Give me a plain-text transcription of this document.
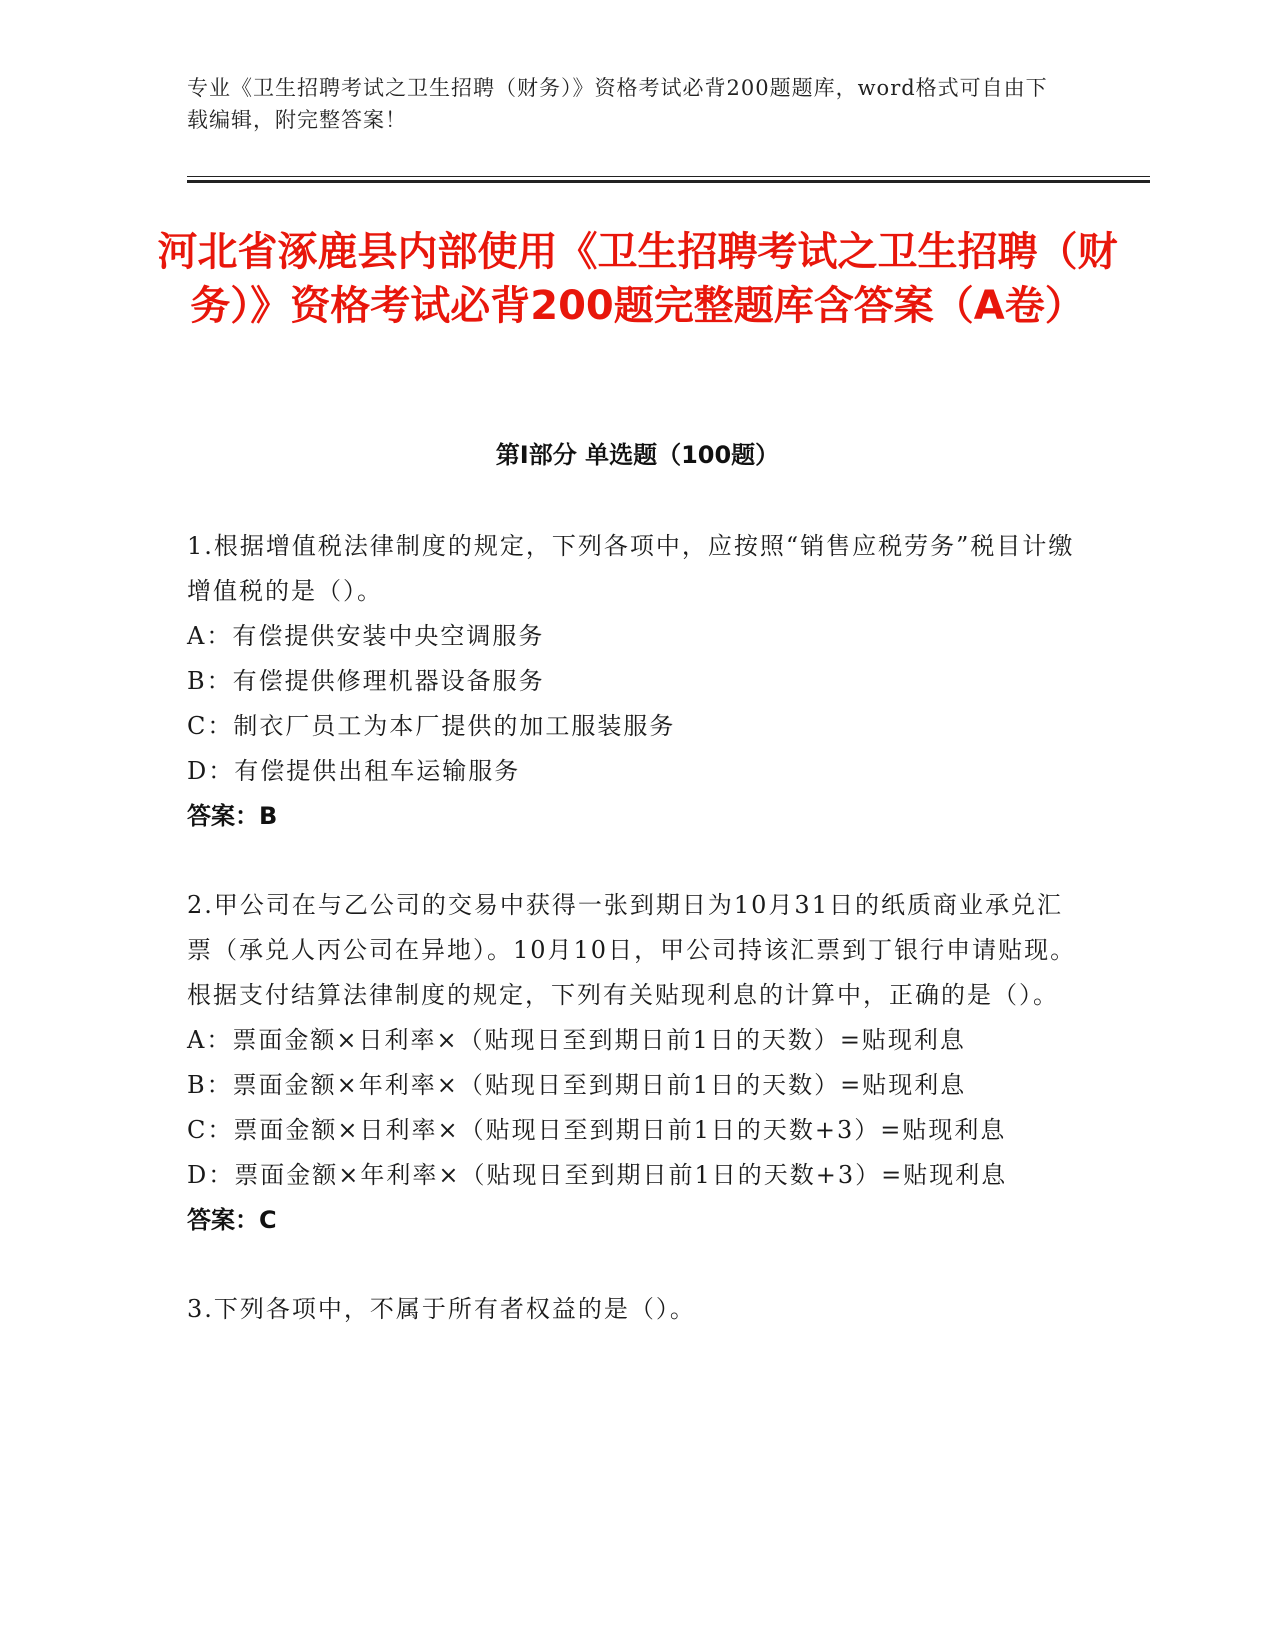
专业《卫生招聘考试之卫生招聘（财务）》资格考试必背200题题库，word格式可自由下载编辑，附完整答案！
河北省涿鹿县内部使用《卫生招聘考试之卫生招聘（财务）》资格考试必背200题完整题库含答案（A卷）
第I部分 单选题（100题）
1.根据增值税法律制度的规定，下列各项中，应按照“销售应税劳务”税目计缴增值税的是（）。
A：有偿提供安装中央空调服务
B：有偿提供修理机器设备服务
C：制衣厂员工为本厂提供的加工服装服务
D：有偿提供出租车运输服务
答案：B
2.甲公司在与乙公司的交易中获得一张到期日为10月31日的纸质商业承兑汇票（承兑人丙公司在异地）。10月10日，甲公司持该汇票到丁银行申请贴现。根据支付结算法律制度的规定，下列有关贴现利息的计算中，正确的是（）。
A：票面金额×日利率×（贴现日至到期日前1日的天数）=贴现利息
B：票面金额×年利率×（贴现日至到期日前1日的天数）=贴现利息
C：票面金额×日利率×（贴现日至到期日前1日的天数+3）=贴现利息
D：票面金额×年利率×（贴现日至到期日前1日的天数+3）=贴现利息
答案：C
3.下列各项中，不属于所有者权益的是（）。
